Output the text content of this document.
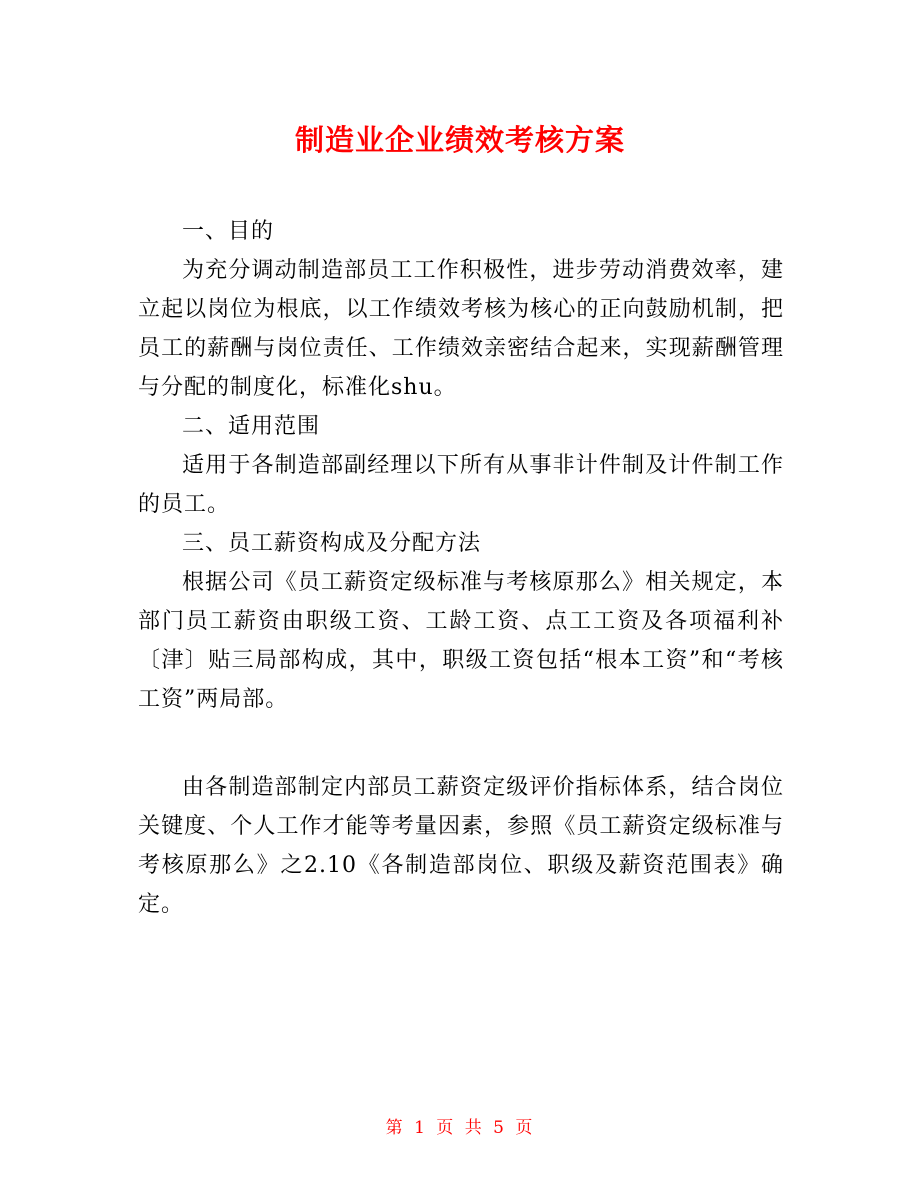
制造业企业绩效考核方案

一、目的

为充分调动制造部员工工作积极性，进步劳动消费效率，建立起以岗位为根底，以工作绩效考核为核心的正向鼓励机制，把员工的薪酬与岗位责任、工作绩效亲密结合起来，实现薪酬管理与分配的制度化，标准化shu。

二、适用范围

适用于各制造部副经理以下所有从事非计件制及计件制工作的员工。

三、员工薪资构成及分配方法

根据公司《员工薪资定级标准与考核原那么》相关规定，本部门员工薪资由职级工资、工龄工资、点工工资及各项福利补〔津〕贴三局部构成，其中，职级工资包括“根本工资”和“考核工资”两局部。

由各制造部制定内部员工薪资定级评价指标体系，结合岗位关键度、个人工作才能等考量因素，参照《员工薪资定级标准与考核原那么》之2.10《各制造部岗位、职级及薪资范围表》确定。

第 1 页 共 5 页
